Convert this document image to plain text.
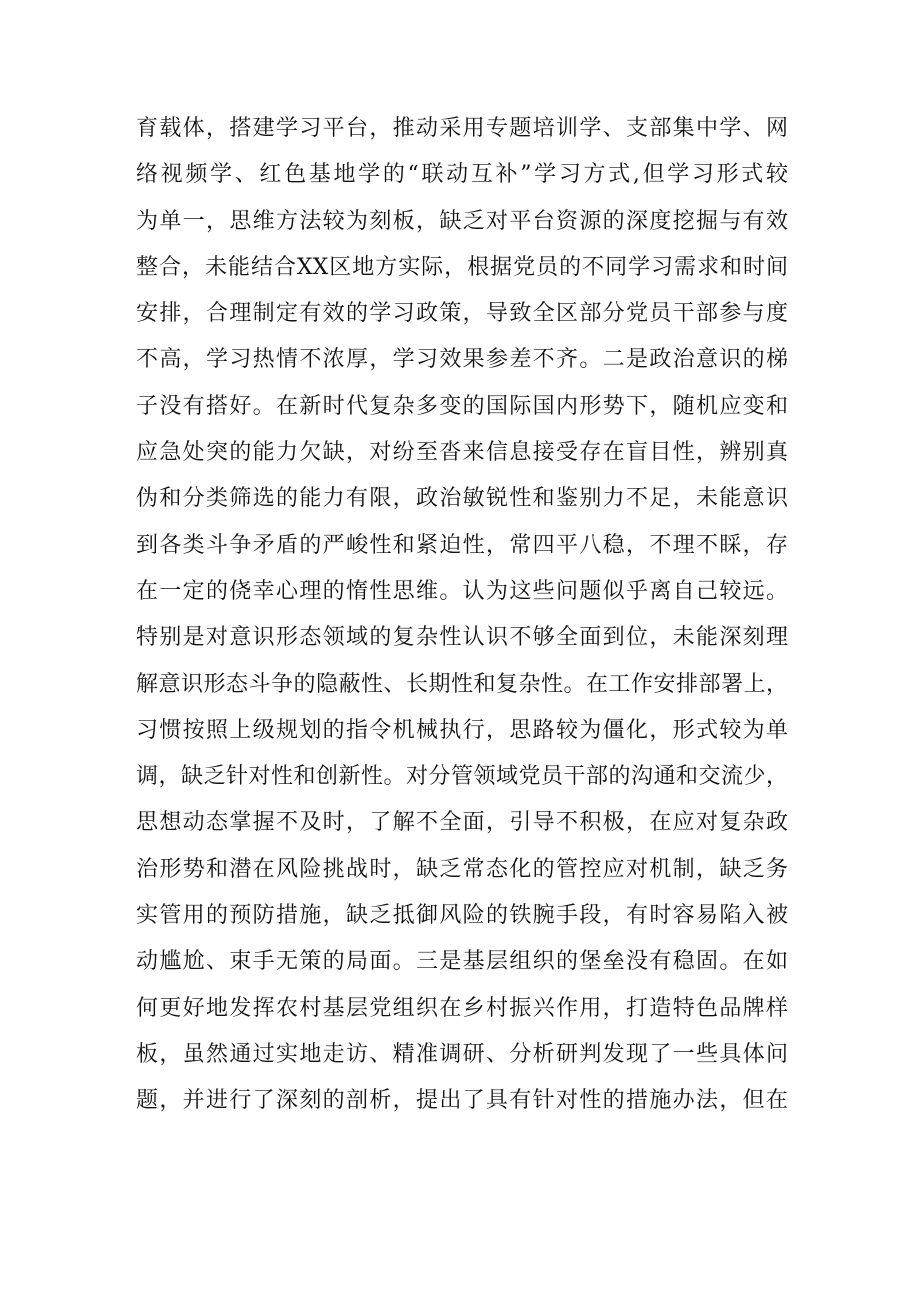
育载体，搭建学习平台，推动采用专题培训学、支部集中学、网
络视频学、红色基地学的“联动互补”学习方式,但学习形式较
为单一，思维方法较为刻板，缺乏对平台资源的深度挖掘与有效
整合，未能结合XX区地方实际，根据党员的不同学习需求和时间
安排，合理制定有效的学习政策，导致全区部分党员干部参与度
不高，学习热情不浓厚，学习效果参差不齐。二是政治意识的梯
子没有搭好。在新时代复杂多变的国际国内形势下，随机应变和
应急处突的能力欠缺，对纷至沓来信息接受存在盲目性，辨别真
伪和分类筛选的能力有限，政治敏锐性和鉴别力不足，未能意识
到各类斗争矛盾的严峻性和紧迫性，常四平八稳，不理不睬，存
在一定的侥幸心理的惰性思维。认为这些问题似乎离自己较远。
特别是对意识形态领域的复杂性认识不够全面到位，未能深刻理
解意识形态斗争的隐蔽性、长期性和复杂性。在工作安排部署上，
习惯按照上级规划的指令机械执行，思路较为僵化，形式较为单
调，缺乏针对性和创新性。对分管领域党员干部的沟通和交流少，
思想动态掌握不及时，了解不全面，引导不积极，在应对复杂政
治形势和潜在风险挑战时，缺乏常态化的管控应对机制，缺乏务
实管用的预防措施，缺乏抵御风险的铁腕手段，有时容易陷入被
动尴尬、束手无策的局面。三是基层组织的堡垒没有稳固。在如
何更好地发挥农村基层党组织在乡村振兴作用，打造特色品牌样
板，虽然通过实地走访、精准调研、分析研判发现了一些具体问
题，并进行了深刻的剖析，提出了具有针对性的措施办法，但在
